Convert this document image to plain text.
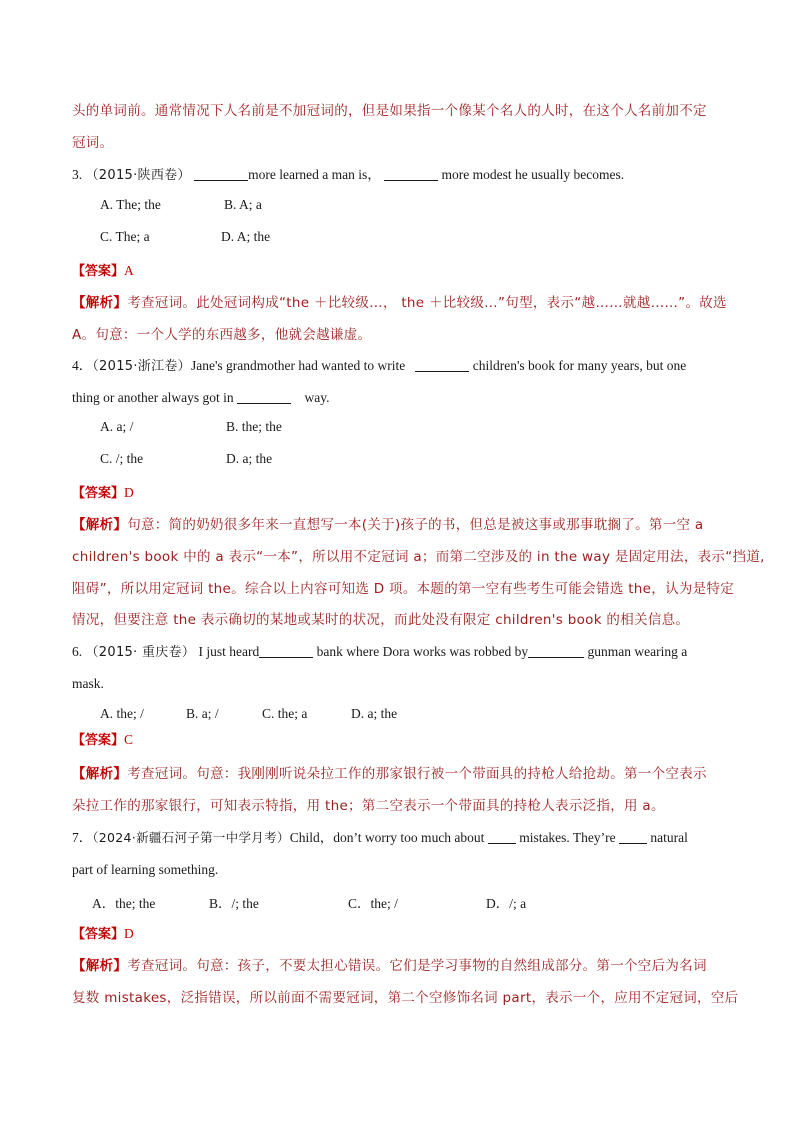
头的单词前。通常情况下人名前是不加冠词的，但是如果指一个像某个名人的人时，在这个人名前加不定
冠词。
3. （2015·陕西卷）	more learned a man is，	more modest he usually becomes.
A. The; the	B. A; a
C. The; a	D. A; the
【答案】A
【解析】考查冠词。此处冠词构成“the ＋比较级…， the ＋比较级…”句型，表示“越……就越……”。故选
A。句意：一个人学的东西越多，他就会越谦虚。
4．（2015·浙江卷）Jane's grandmother had wanted to write	children's book for many years, but one
thing or another always got in	way.
A. a; /	B. the; the
C. /; the	D. a; the
【答案】D
【解析】句意：简的奶奶很多年来一直想写一本(关于)孩子的书，但总是被这事或那事耽搁了。第一空 a
children's book 中的 a 表示“一本”，所以用不定冠词 a；而第二空涉及的 in the way 是固定用法，表示“挡道,
阻碍”，所以用定冠词 the。综合以上内容可知选 D 项。本题的第一空有些考生可能会错选 the，认为是特定
情况，但要注意 the 表示确切的某地或某时的状况，而此处没有限定 children's book 的相关信息。
6. （2015· 重庆卷） I just heard	bank where Dora works was robbed by	gunman wearing a
mask.
A. the; /	B. a; /	C. the; a	D. a; the
【答案】C
【解析】考查冠词。句意：我刚刚听说朵拉工作的那家银行被一个带面具的持枪人给抢劫。第一个空表示
朵拉工作的那家银行，可知表示特指，用 the；第二空表示一个带面具的持枪人表示泛指，用 a。
7．（2024·新疆石河子第一中学月考）Child，don’t worry too much about	mistakes. They’re	natural
part of learning something.
A．the; the	B．/; the	C．the; /	D．/; a
【答案】D
【解析】考查冠词。句意：孩子，不要太担心错误。它们是学习事物的自然组成部分。第一个空后为名词
复数 mistakes，泛指错误，所以前面不需要冠词，第二个空修饰名词 part，表示一个，应用不定冠词，空后
